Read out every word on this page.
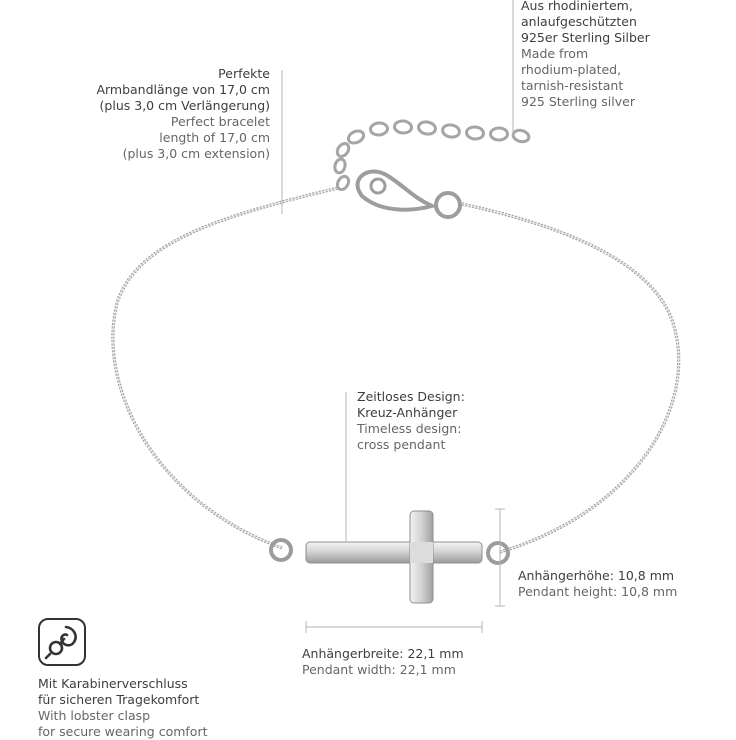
Perfekte
Armbandlänge von 17,0 cm
(plus 3,0 cm Verlängerung)
Perfect bracelet
length of 17,0 cm
(plus 3,0 cm extension)
Aus rhodiniertem,
anlaufgeschützten
925er Sterling Silber
Made from
rhodium-plated,
tarnish-resistant
925 Sterling silver
Zeitloses Design:
Kreuz-Anhänger
Timeless design:
cross pendant
Anhängerhöhe: 10,8 mm
Pendant height: 10,8 mm
Anhängerbreite: 22,1 mm
Pendant width: 22,1 mm
Mit Karabinerverschluss
für sicheren Tragekomfort
With lobster clasp
for secure wearing comfort
